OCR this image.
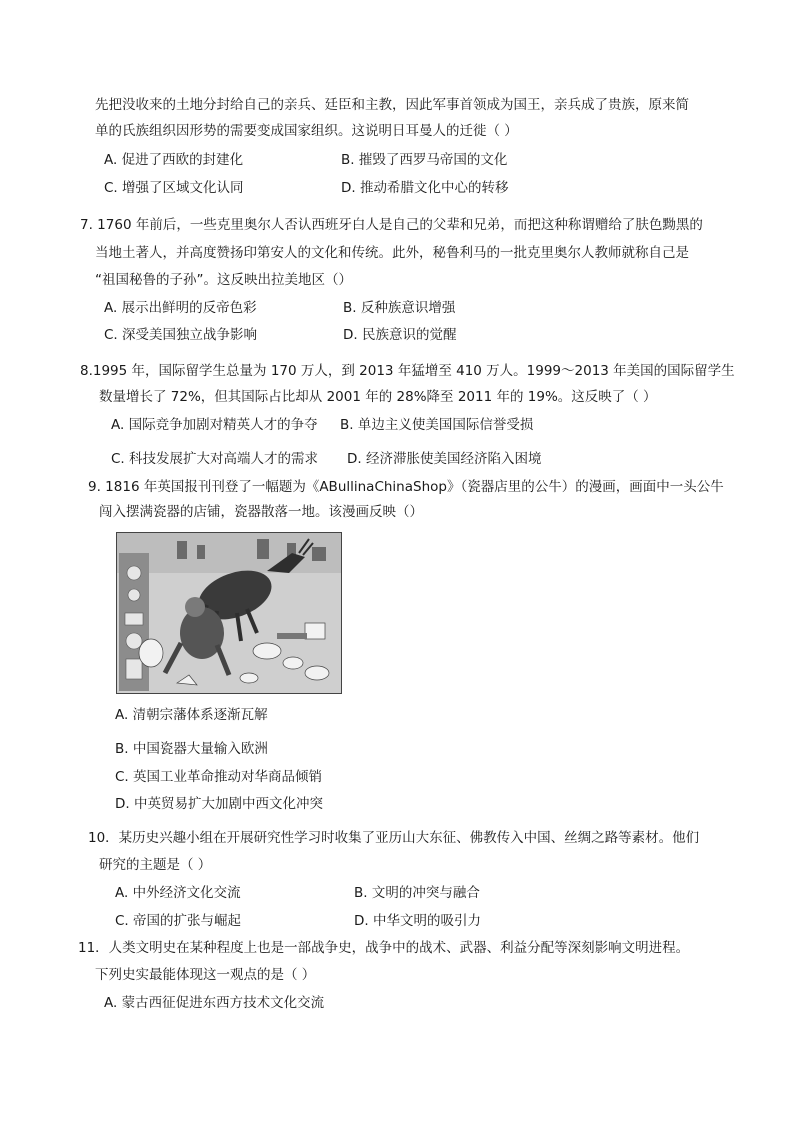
先把没收来的土地分封给自己的亲兵、廷臣和主教，因此军事首领成为国王，亲兵成了贵族，原来简
单的氏族组织因形势的需要变成国家组织。这说明日耳曼人的迁徙（ ）
A. 促进了西欧的封建化	B. 摧毁了西罗马帝国的文化
C. 增强了区域文化认同	D. 推动希腊文化中心的转移
7. 1760 年前后，一些克里奥尔人否认西班牙白人是自己的父辈和兄弟，而把这种称谓赠给了肤色黝黑的
当地土著人，并高度赞扬印第安人的文化和传统。此外，秘鲁利马的一批克里奥尔人教师就称自己是
“祖国秘鲁的子孙”。这反映出拉美地区（）
A. 展示出鲜明的反帝色彩	B. 反种族意识增强
C. 深受美国独立战争影响	D. 民族意识的觉醒
8.1995 年，国际留学生总量为 170 万人，到 2013 年猛增至 410 万人。1999～2013 年美国的国际留学生
数量增长了 72%，但其国际占比却从 2001 年的 28%降至 2011 年的 19%。这反映了（ ）
A. 国际竞争加剧对精英人才的争夺 B. 单边主义使美国国际信誉受损
C. 科技发展扩大对高端人才的需求 D. 经济滞胀使美国经济陷入困境
9. 1816 年英国报刊刊登了一幅题为《ABullinaChinaShop》（瓷器店里的公牛）的漫画，画面中一头公牛
闯入摆满瓷器的店铺，瓷器散落一地。该漫画反映（）
A. 清朝宗藩体系逐渐瓦解
B. 中国瓷器大量输入欧洲
C. 英国工业革命推动对华商品倾销
D. 中英贸易扩大加剧中西文化冲突
10．某历史兴趣小组在开展研究性学习时收集了亚历山大东征、佛教传入中国、丝绸之路等素材。他们
研究的主题是（ ）
A. 中外经济文化交流	B. 文明的冲突与融合
C. 帝国的扩张与崛起	D. 中华文明的吸引力
11．人类文明史在某种程度上也是一部战争史，战争中的战术、武器、利益分配等深刻影响文明进程。
下列史实最能体现这一观点的是（ ）
A. 蒙古西征促进东西方技术文化交流
